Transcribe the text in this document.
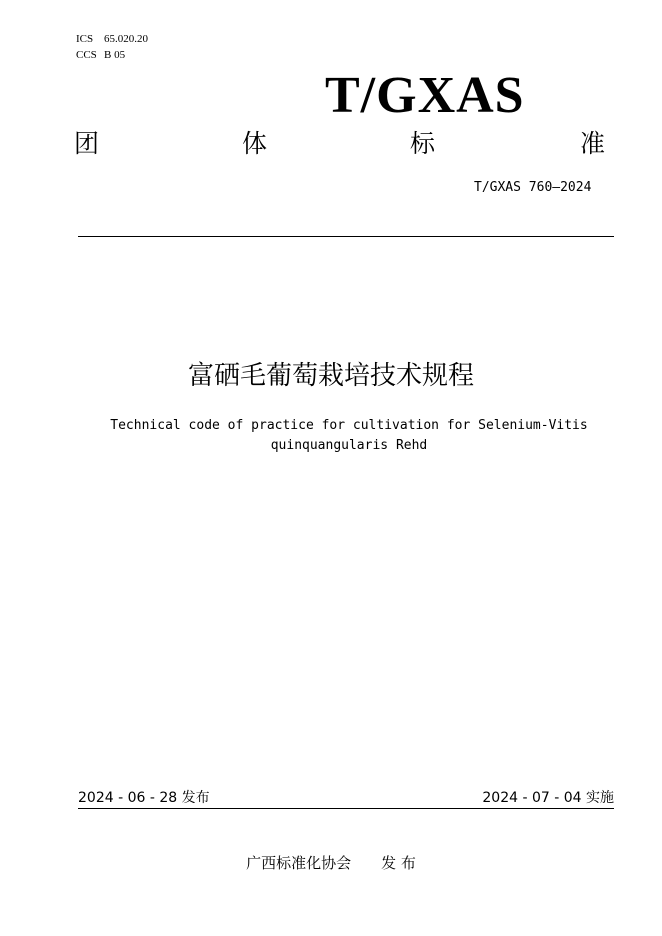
ICS 65.020.20
CCS B 05
T/GXAS
团	体	标	准
T/GXAS 760—2024
富硒毛葡萄栽培技术规程
Technical code of practice for cultivation for Selenium-Vitis
quinquangularis Rehd
2024 - 06 - 28 发布	2024 - 07 - 04 实施
广西标准化协会 发 布
